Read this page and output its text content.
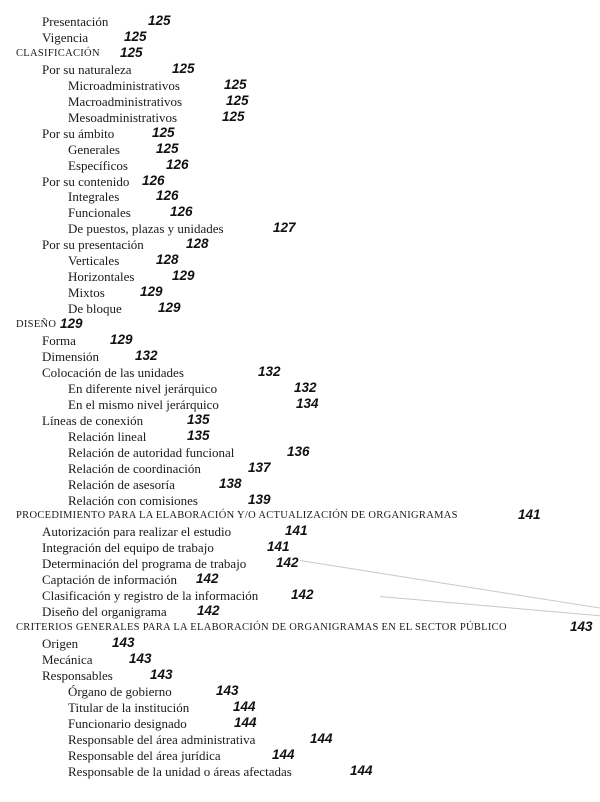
Presentación	125
Vigencia	125
CLASIFICACIÓN 125
Por su naturaleza	125
Microadministrativos	125
Macroadministrativos	125
Mesoadministrativos	125
Por su ámbito	125
Generales	125
Específicos	126
Por su contenido 126
Integrales	126
Funcionales	126
De puestos, plazas y unidades	127
Por su presentación	128
Verticales	128
Horizontales	129
Mixtos	129
De bloque	129
DISEÑO 129
Forma	129
Dimensión	132
Colocación de las unidades	132
En diferente nivel jerárquico	132
En el mismo nivel jerárquico	134
Líneas de conexión	135
Relación lineal	135
Relación de autoridad funcional	136
Relación de coordinación	137
Relación de asesoría	138
Relación con comisiones	139
PROCEDIMIENTO PARA LA ELABORACIÓN Y/O ACTUALIZACIÓN DE ORGANIGRAMAS	141
Autorización para realizar el estudio	141
Integración del equipo de trabajo	141
Determinación del programa de trabajo 142
Captación de información 142
Clasificación y registro de la información 142
Diseño del organigrama 142
CRITERIOS GENERALES PARA LA ELABORACIÓN DE ORGANIGRAMAS EN EL SECTOR PÚBLICO	143
Origen	143
Mecánica	143
Responsables	143
Órgano de gobierno	143
Titular de la institución	144
Funcionario designado	144
Responsable del área administrativa	144
Responsable del área jurídica	144
Responsable de la unidad o áreas afectadas	144
